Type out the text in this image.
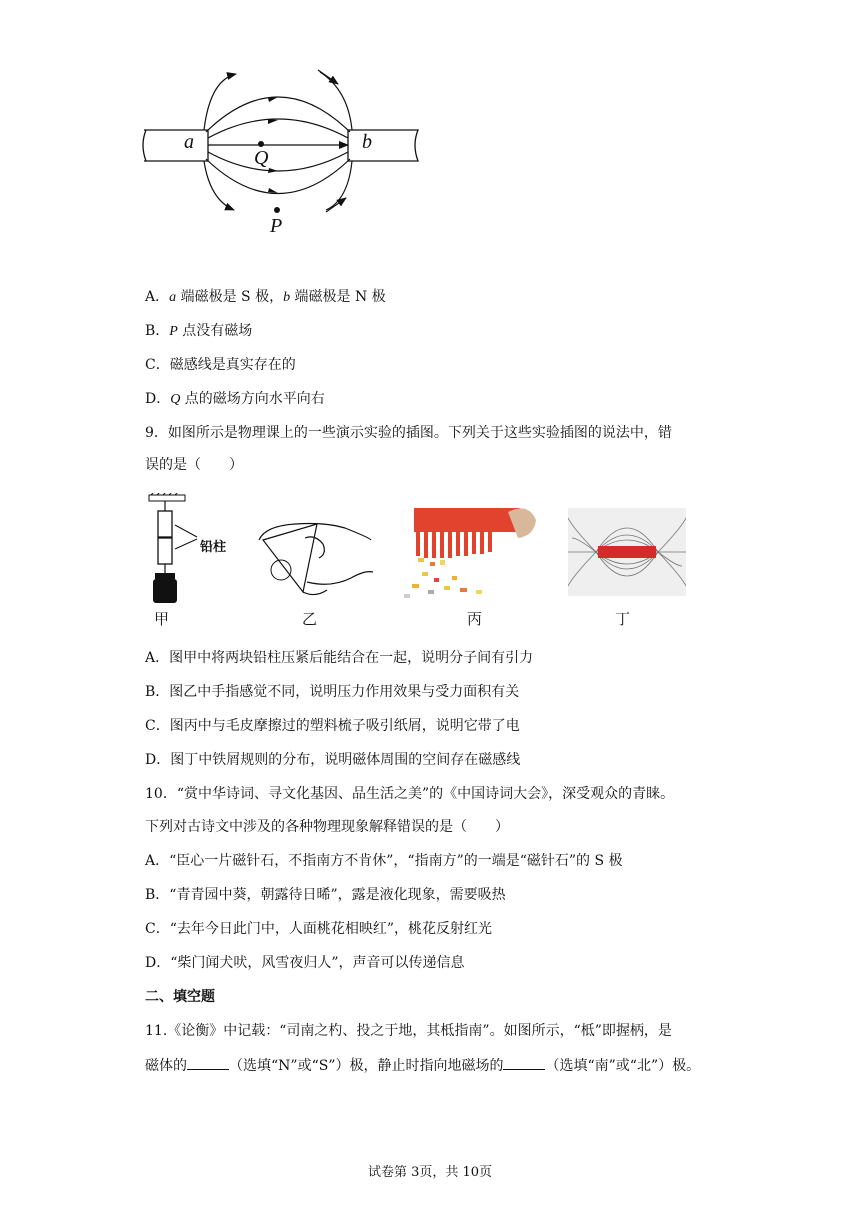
a	b
Q
P
A．a 端磁极是 S 极，b 端磁极是 N 极
B．P 点没有磁场
C．磁感线是真实存在的
D．Q 点的磁场方向水平向右
9．如图所示是物理课上的一些演示实验的插图。下列关于这些实验插图的说法中，错
误的是（　　）
铅柱
甲	乙	丙	丁
A．图甲中将两块铅柱压紧后能结合在一起，说明分子间有引力
B．图乙中手指感觉不同，说明压力作用效果与受力面积有关
C．图丙中与毛皮摩擦过的塑料梳子吸引纸屑，说明它带了电
D．图丁中铁屑规则的分布，说明磁体周围的空间存在磁感线
10．“赏中华诗词、寻文化基因、品生活之美”的《中国诗词大会》，深受观众的青睐。
下列对古诗文中涉及的各种物理现象解释错误的是（　　）
A．“臣心一片磁针石，不指南方不肯休”，“指南方”的一端是“磁针石”的 S 极
B．“青青园中葵，朝露待日晞”，露是液化现象，需要吸热
C．“去年今日此门中，人面桃花相映红”，桃花反射红光
D．“柴门闻犬吠，风雪夜归人”，声音可以传递信息
二、填空题
11.《论衡》中记载：“司南之杓、投之于地，其柢指南”。如图所示，“柢”即握柄，是
磁体的	（选填“N”或“S”）极，静止时指向地磁场的	（选填“南”或“北”）极。
试卷第 3页，共 10页
